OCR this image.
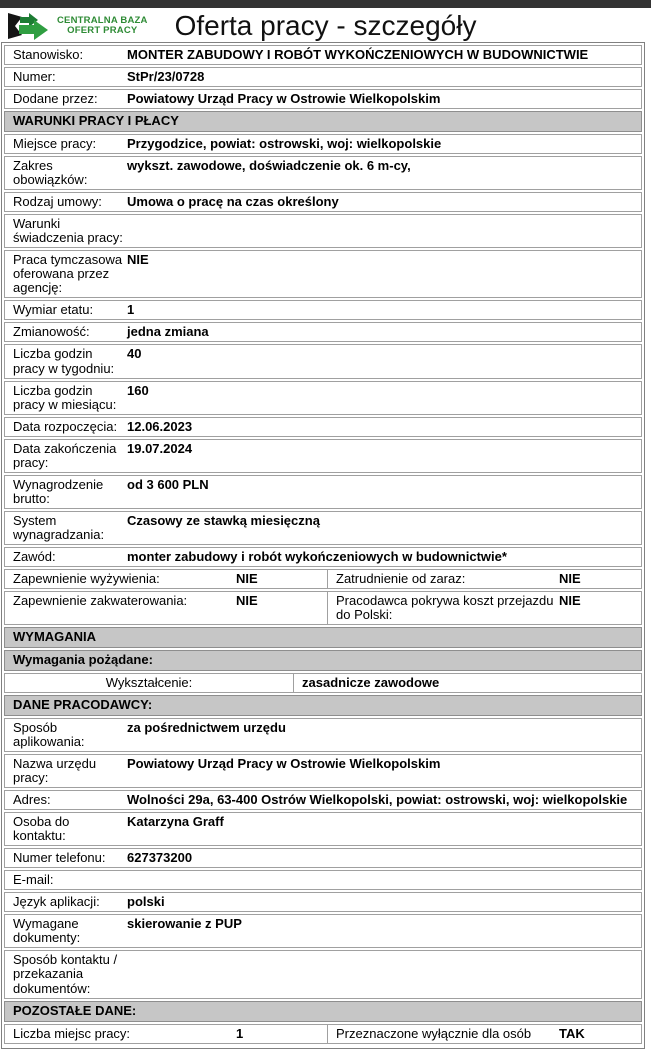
CENTRALNA BAZA
OFERT PRACY	Oferta pracy - szczegóły
Stanowisko:	MONTER ZABUDOWY I ROBÓT WYKOŃCZENIOWYCH W BUDOWNICTWIE
Numer:	StPr/23/0728
Dodane przez:	Powiatowy Urząd Pracy w Ostrowie Wielkopolskim
WARUNKI PRACY I PŁACY
Miejsce pracy:	Przygodzice, powiat: ostrowski, woj: wielkopolskie
Zakres obowiązków:
wykszt. zawodowe, doświadczenie ok. 6 m-cy,
Rodzaj umowy:	Umowa o pracę na czas określony
Warunki świadczenia pracy:
Praca tymczasowa oferowana przez agencję:
NIE
Wymiar etatu:	1
Zmianowość:	jedna zmiana
Liczba godzin pracy w tygodniu:
40
Liczba godzin pracy w miesiącu:
160
Data rozpoczęcia: 12.06.2023
Data zakończenia pracy:
19.07.2024
Wynagrodzenie brutto:
od 3 600 PLN
System wynagradzania:
Czasowy ze stawką miesięczną
Zawód:	monter zabudowy i robót wykończeniowych w budownictwie*
Zapewnienie wyżywienia:	NIE	Zatrudnienie od zaraz:	NIE
Zapewnienie zakwaterowania:	NIE	Pracodawca pokrywa koszt przejazdu do Polski:
NIE
WYMAGANIA
Wymagania pożądane:
Wykształcenie:	zasadnicze zawodowe
DANE PRACODAWCY:
Sposób aplikowania:
za pośrednictwem urzędu
Nazwa urzędu pracy:
Powiatowy Urząd Pracy w Ostrowie Wielkopolskim
Adres:	Wolności 29a, 63-400 Ostrów Wielkopolski, powiat: ostrowski, woj: wielkopolskie
Osoba do kontaktu:
Katarzyna Graff
Numer telefonu:	627373200
E-mail:
Język aplikacji:	polski
Wymagane dokumenty:
skierowanie z PUP
Sposób kontaktu / przekazania dokumentów:
POZOSTAŁE DANE:
Liczba miejsc pracy:	1	Przeznaczone wyłącznie dla osób	TAK
